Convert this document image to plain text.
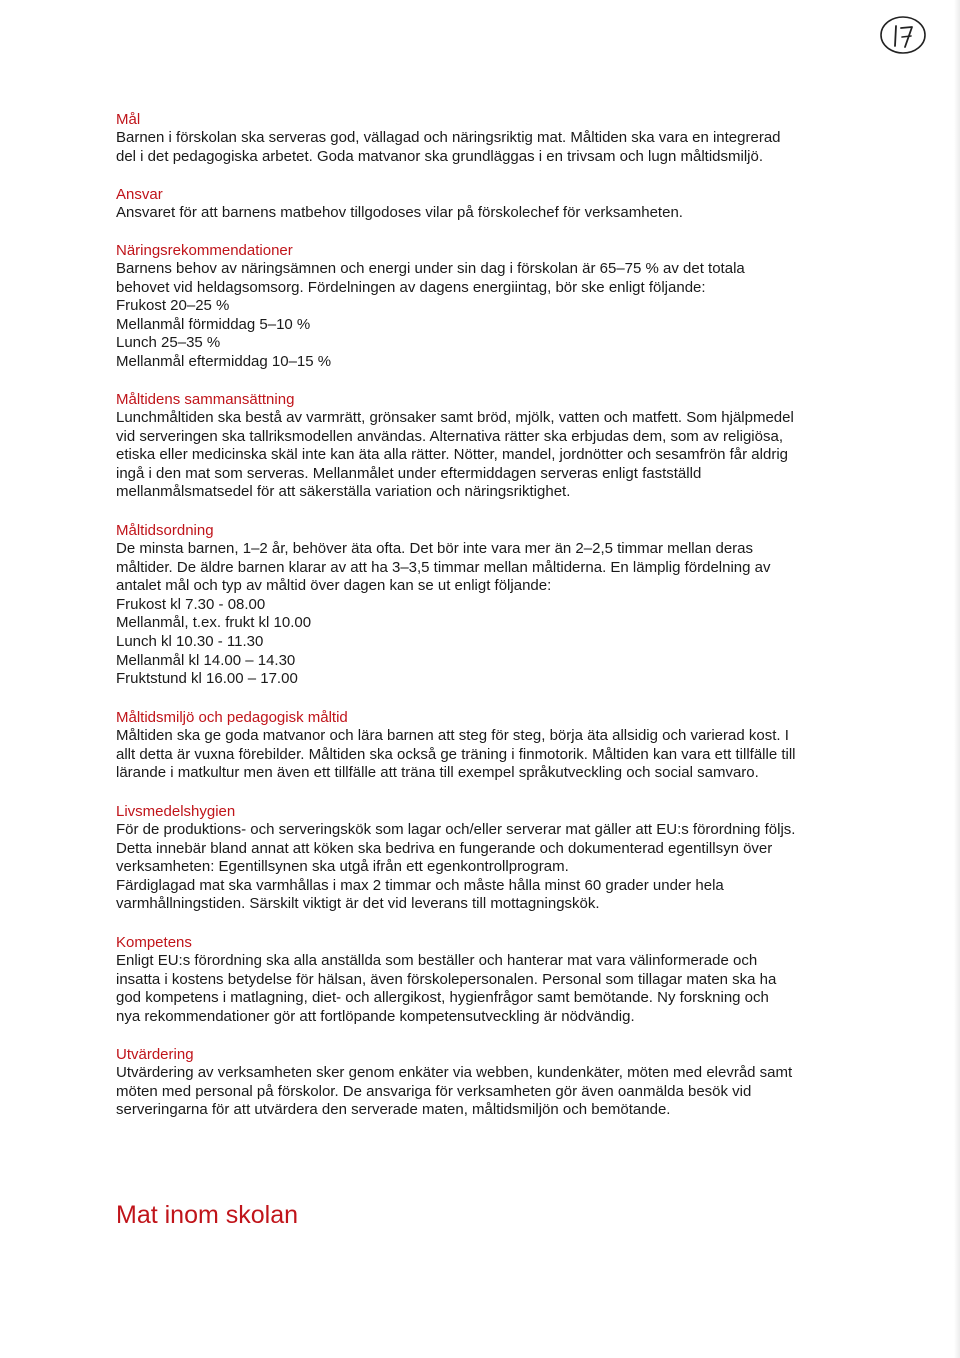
Mål

Barnen i förskolan ska serveras god, vällagad och näringsriktig mat. Måltiden ska vara en integrerad
del i det pedagogiska arbetet. Goda matvanor ska grundläggas i en trivsam och lugn måltidsmiljö.

Ansvar

Ansvaret för att barnens matbehov tillgodoses vilar på förskolechef för verksamheten.

Näringsrekommendationer

Barnens behov av näringsämnen och energi under sin dag i förskolan är 65–75 % av det totala
behovet vid heldagsomsorg. Fördelningen av dagens energiintag, bör ske enligt följande:
Frukost 20–25 %
Mellanmål förmiddag 5–10 %
Lunch 25–35 %
Mellanmål eftermiddag 10–15 %

Måltidens sammansättning

Lunchmåltiden ska bestå av varmrätt, grönsaker samt bröd, mjölk, vatten och matfett. Som hjälpmedel
vid serveringen ska tallriksmodellen användas. Alternativa rätter ska erbjudas dem, som av religiösa,
etiska eller medicinska skäl inte kan äta alla rätter. Nötter, mandel, jordnötter och sesamfrön får aldrig
ingå i den mat som serveras. Mellanmålet under eftermiddagen serveras enligt fastställd
mellanmålsmatsedel för att säkerställa variation och näringsriktighet.

Måltidsordning

De minsta barnen, 1–2 år, behöver äta ofta. Det bör inte vara mer än 2–2,5 timmar mellan deras
måltider. De äldre barnen klarar av att ha 3–3,5 timmar mellan måltiderna. En lämplig fördelning av
antalet mål och typ av måltid över dagen kan se ut enligt följande:
Frukost kl 7.30 - 08.00
Mellanmål, t.ex. frukt kl 10.00
Lunch kl 10.30 - 11.30
Mellanmål kl 14.00 – 14.30
Fruktstund kl 16.00 – 17.00

Måltidsmiljö och pedagogisk måltid

Måltiden ska ge goda matvanor och lära barnen att steg för steg, börja äta allsidig och varierad kost. I
allt detta är vuxna förebilder. Måltiden ska också ge träning i finmotorik. Måltiden kan vara ett tillfälle till
lärande i matkultur men även ett tillfälle att träna till exempel språkutveckling och social samvaro.

Livsmedelshygien

För de produktions- och serveringskök som lagar och/eller serverar mat gäller att EU:s förordning följs.
Detta innebär bland annat att köken ska bedriva en fungerande och dokumenterad egentillsyn över
verksamheten: Egentillsynen ska utgå ifrån ett egenkontrollprogram.
Färdiglagad mat ska varmhållas i max 2 timmar och måste hålla minst 60 grader under hela
varmhållningstiden. Särskilt viktigt är det vid leverans till mottagningskök.

Kompetens

Enligt EU:s förordning ska alla anställda som beställer och hanterar mat vara välinformerade och
insatta i kostens betydelse för hälsan, även förskolepersonalen. Personal som tillagar maten ska ha
god kompetens i matlagning, diet- och allergikost, hygienfrågor samt bemötande. Ny forskning och
nya rekommendationer gör att fortlöpande kompetensutveckling är nödvändig.

Utvärdering

Utvärdering av verksamheten sker genom enkäter via webben, kundenkäter, möten med elevråd samt
möten med personal på förskolor. De ansvariga för verksamheten gör även oanmälda besök vid
serveringarna för att utvärdera den serverade maten, måltidsmiljön och bemötande.

Mat inom skolan
